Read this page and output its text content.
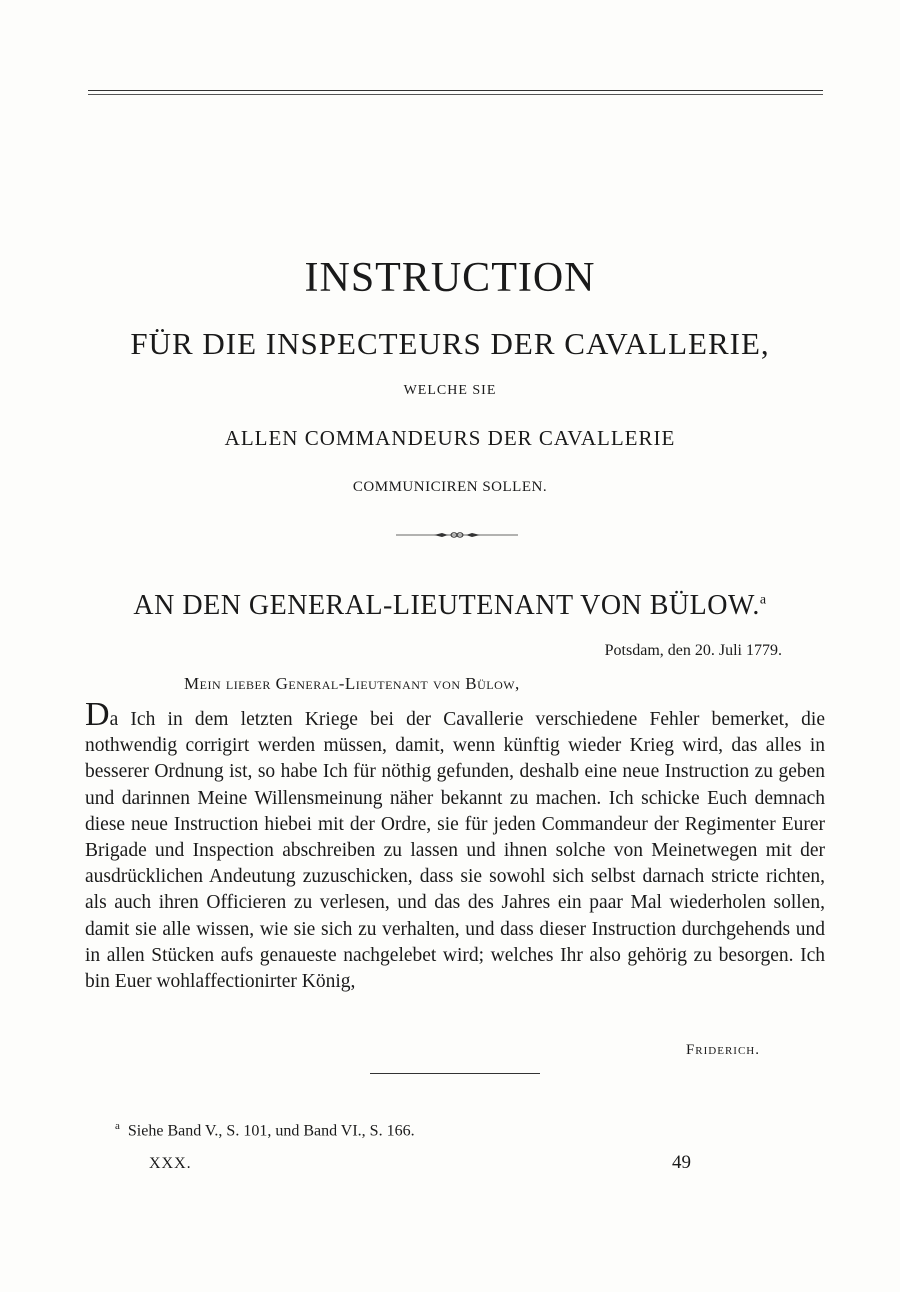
INSTRUCTION
FÜR DIE INSPECTEURS DER CAVALLERIE,

WELCHE SIE

ALLEN COMMANDEURS DER CAVALLERIE

COMMUNICIREN SOLLEN.

AN DEN GENERAL-LIEUTENANT VON BÜLOW.$^a$

Potsdam, den 20. Juli 1779.

Mein lieber General-Lieutenant von Bülow,

Da Ich in dem letzten Kriege bei der Cavallerie verschiedene Fehler bemerket, die nothwendig corrigirt werden müssen, damit, wenn künftig wieder Krieg wird, das alles in besserer Ordnung ist, so habe Ich für nöthig gefunden, deshalb eine neue Instruction zu geben und darinnen Meine Willensmeinung näher bekannt zu machen. Ich schicke Euch demnach diese neue Instruction hiebei mit der Ordre, sie für jeden Commandeur der Regimenter Eurer Brigade und Inspection abschreiben zu lassen und ihnen solche von Meinetwegen mit der ausdrücklichen Andeutung zuzuschicken, dass sie sowohl sich selbst darnach stricte richten, als auch ihren Officieren zu verlesen, und das des Jahres ein paar Mal wiederholen sollen, damit sie alle wissen, wie sie sich zu verhalten, und dass dieser Instruction durchgehends und in allen Stücken aufs genaueste nachgelebet wird; welches Ihr also gehörig zu besorgen. Ich bin Euer wohlaffectionirter König,

Friderich.

$^a$ Siehe Band V., S. 101, und Band VI., S. 166.

XXX.	49
